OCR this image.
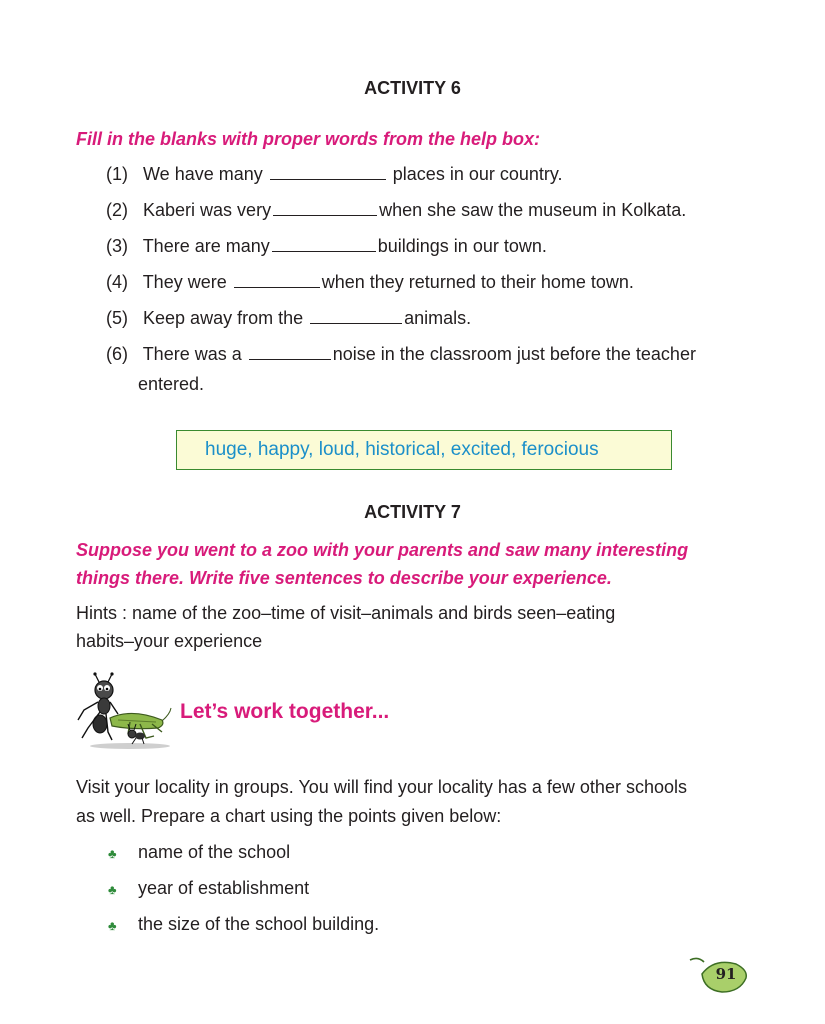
ACTIVITY 6
Fill in the blanks with proper words from the help box:
(1) We have many	places in our country.
(2) Kaberi was very	when she saw the museum in Kolkata.
(3) There are many	buildings in our town.
(4) They were	when they returned to their home town.
(5) Keep away from the	animals.
(6) There was a	noise in the classroom just before the teacher
entered.
huge, happy, loud, historical, excited, ferocious
ACTIVITY 7
Suppose you went to a zoo with your parents and saw many interesting
things there. Write five sentences to describe your experience.
Hints : name of the zoo–time of visit–animals and birds seen–eating
habits–your experience
Let’s work together...
Visit your locality in groups. You will find your locality has a few other schools
as well. Prepare a chart using the points given below:
♣ name of the school
♣ year of establishment
♣ the size of the school building.
91
